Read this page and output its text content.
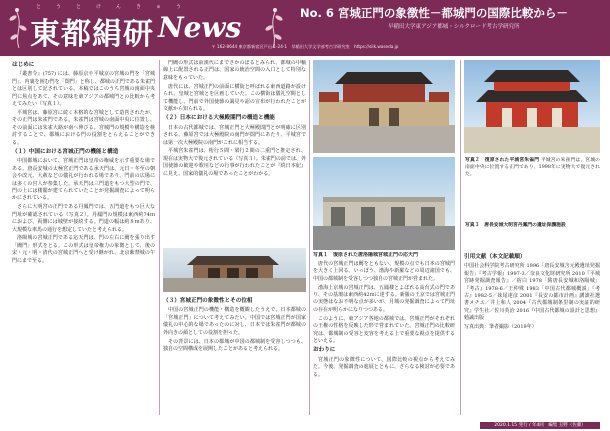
とうとけんきゅう
東都絹研 News	No. 6 宮城正門の象徴性－都城門の国際比較から－
早稲田大学東アジア都城・シルクロード考古学研究所
〒 162-8644 東京都新宿区戸山 1-24-1　早稲田大学文学部考古学研究室　https://silk.waseda.jp
はじめに

『叢書令』(757) には、藤原京や平城京の宮城の門を「宮城門」、内裏を囲む門を「閤門」と称し、都城の正門である朱雀門とは区別して記されている。本稿ではこのうち宮城の南面中央門に焦点をあて、その意味を東アジアの都城門との比較から考えてみたい（写真１）。

平城宮は、藤原宮に続く本格的な宮城として造営されたが、その正門は朱雀門である。朱雀門は宮城の南面中央に位置し、その前面には朱雀大路が南へ伸びる。宮城門の規模や構造を検討することで、都城における門の役割をとらえることができる。

（１）中国における宮城正門の機能と構造

中国都城において、宮城正門は皇帝の権威を示す重要な場である。唐長安城の太極宮正門である承天門は、元日・冬至の朝会や改元、大赦などの儀礼が行われる場であり、門前の広場には多くの官人が参集した。承天門は三門道をもつ大型の門で、門の上には楼閣が建てられていたことが発掘調査によって明らかにされている。

さらに大明宮の正門である丹鳳門では、五門道をもつ巨大な門址が確認されている（写真２）。丹鳳門の規模は東西約74ｍにおよび、両側には城壁が接続する。門道の幅は約８ｍあり、大規模な車馬の通行を想定していたと考えられる。

洛陽城の宮城正門である応天門は、門の左右に闕を張り出す「闕門」形式をとる。この形式は皇帝権力の象徴として、後の宋・元・明・清代の宮城正門へと受け継がれ、北京紫禁城の午門にまで至る。

門闕の形式は前漢代にまでさかのぼるとみられ、都城の中軸線上に配置される正門は、国家の統治空間の入口として特別な意味をもっていた。

唐代には、宮城正門の前面に横街と呼ばれる東西道路が設けられ、皇城と宮城とを区画していた。この横街は儀礼空間として機能し、門前で外国使節の謁見や詔の宣布が行われたことが文献から知られる。

（２）日本における大極殿閤門の構造と機能

日本の古代都城では、宮城正門と大極殿閤門とが明確に区別される。藤原宮では大極殿院の南門が閤門にあたり、平城宮では第一次大極殿院の南門がこれに相当する。

平城宮朱雀門は、桁行５間・梁行２間の二重門と推定され、現在は実物大で復元されている（写真３）。朱雀門の前では、外国使節の歓迎や歌垣などの行事が行われたことが『続日本紀』に見え、国家的儀礼の場であったことがわかる。

（３）宮城正門の象徴性とその位相

中国の宮城正門の機能・構造を概観したうえで、日本都城の「宮城正門」について考えてみたい。中国では宮城正門が国家儀礼の中心的な場であったのに対し、日本では朱雀門が都城の外向きの顔としての役割を担った。

その背景には、日本の都城が中国の都城制を受容しつつも、独自の空間構成を展開したことがあると考えられる。

写真１　復原された唐洛陽城宮城正門の応天門

唐代の宮城正門は闕をともない、規模の点でも日本の宮城門を大きく上回る。いっぽう、渤海や新羅などの周辺諸国でも、中国の都城制を受容しつつ独自の宮城正門が営まれた。

渤海上京城の宮城正門は、五鳳楼とよばれる高台式の門であり、その基壇は東西約42ｍに達する。新羅の王京では宮城正門の実態はなお不明な点が多いが、月城の発掘調査によって門址の存在が明らかになりつつある。

このように、東アジア各地の都城では、宮城正門がそれぞれの王権の性格を反映した形で営まれていた。宮城正門の比較研究は、都城制の受容と変容を考える上で重要な視点を提供するといえる。

おわりに

宮城正門の象徴性について、国際比較の視点から考えてみた。今後、発掘調査の進展とともに、さらなる検討が必要である。

写真２　復原された平城宮朱雀門 平城宮の朱雀門は、宮城の南面中央に位置する正門であり、1998年に実物大で復元された。
写真３　唐長安城大明宮丹鳳門の遺址保護施設
引用文献（本文記載順）

中国社会科学院考古研究所 1996「唐長安城含元殿遺址発掘報告」『考古学報』1997-3／奈良文化財研究所 2010『平城宮跡発掘調査報告』／宿白 1978「隋唐長安城和洛陽城」『考古』1978-6／王仲殊 1983「中国古代都城概説」『考古』1982-5／妹尾達彦 2001『長安の都市計画』講談社選書メチエ／井上和人 2004『古代都城制条里制の実証的研究』学生社／佐川英治 2016『中国古代都城の設計と思想』勉誠出版

写真出典：筆者撮影（2019年）

2020.1.15 発行 / 年4回　編集 丑野（佐藤）
